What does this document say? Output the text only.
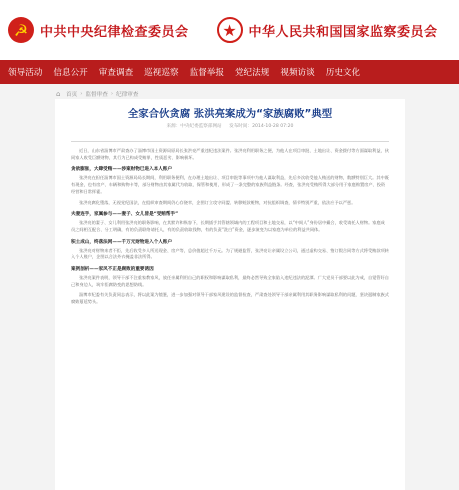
☭ 中共中央纪律检查委员会	★ 中华人民共和国国家监察委员会
领导活动 信息公开 审查调查 巡视巡察 监督举报 党纪法规 视频访谈 历史文化
⌂ 首页 › 监督审查 › 纪律审查
全家合伙贪腐 张洪亮案成为“家族腐败”典型
来源：中央纪委监察部网站 发布时间：2014-10-28 07:20

近日，山东省淄博市严肃查办了淄博市国土资源局原局长张洪亮严重违纪违法案件。张洪亮利用职务之便，为他人在项目审批、土地出让、资金拨付等方面谋取利益，伙同家人收受巨额财物，其行为已构成受贿罪，性质恶劣、影响极坏。

贪欲膨胀，大肆受贿——涉案财物已进入本人账户

张洪亮在担任淄博市国土资源局局长期间，利用职务便利，在办理土地出让、项目审批等事项中为他人谋取利益，先后多次收受他人贿送的财物，数额特别巨大。其中既有现金，也有房产、车辆和购物卡等，部分财物由其家属代为收取、保管和使用，形成了一条完整的家族利益链条。经查，张洪亮受贿所得大部分用于家庭购置房产、投资经营和日常挥霍。

张洪亮腐化堕落，无视党纪国法，在组织审查期间仍心存侥幸，企图订立攻守同盟、转移赃款赃物，对抗组织调查，情节特别严重，依法应予以严惩。

夫妻连手，家属参与——妻子、女儿皆是“受贿帮手”

张洪亮的妻子、女儿利用张洪亮的职务影响，在其默许和纵容下，长期插手其管辖领域内的工程项目和土地交易，以“中间人”身份居中撮合，收受请托人财物。家庭成员之间相互配合、分工明确，有的负责联络请托人，有的负责收取钱物，有的负责“洗白”资金，逐步演变为以家庭为单位的利益共同体。

积土成山，终落法网——千万元财物进入个人账户

张洪亮对财物来者不拒，先后收受多人所送现金、房产等，总价值超过千万元。为了规避监管，张洪亮让亲属设立公司，通过虚构交易、签订假合同等方式将受贿款项转入个人账户，企图以合法外衣掩盖非法所得。

案例剖析——家风不正是腐败的重要诱因

张洪亮案件表明，领导干部不注重家教家风，放任亲属利用自己的职权和影响谋取私利，最终必然导致全家陷入违纪违法的泥潭。广大党员干部要以此为戒，自觉管好自己和身边人，筑牢拒腐防变的思想防线。

淄博市纪委有关负责同志表示，将以此案为镜鉴，进一步加强对领导干部家风建设的监督检查，严肃查处领导干部亲属利用其职务影响谋取私利的问题，坚决遏制家族式腐败蔓延势头。
